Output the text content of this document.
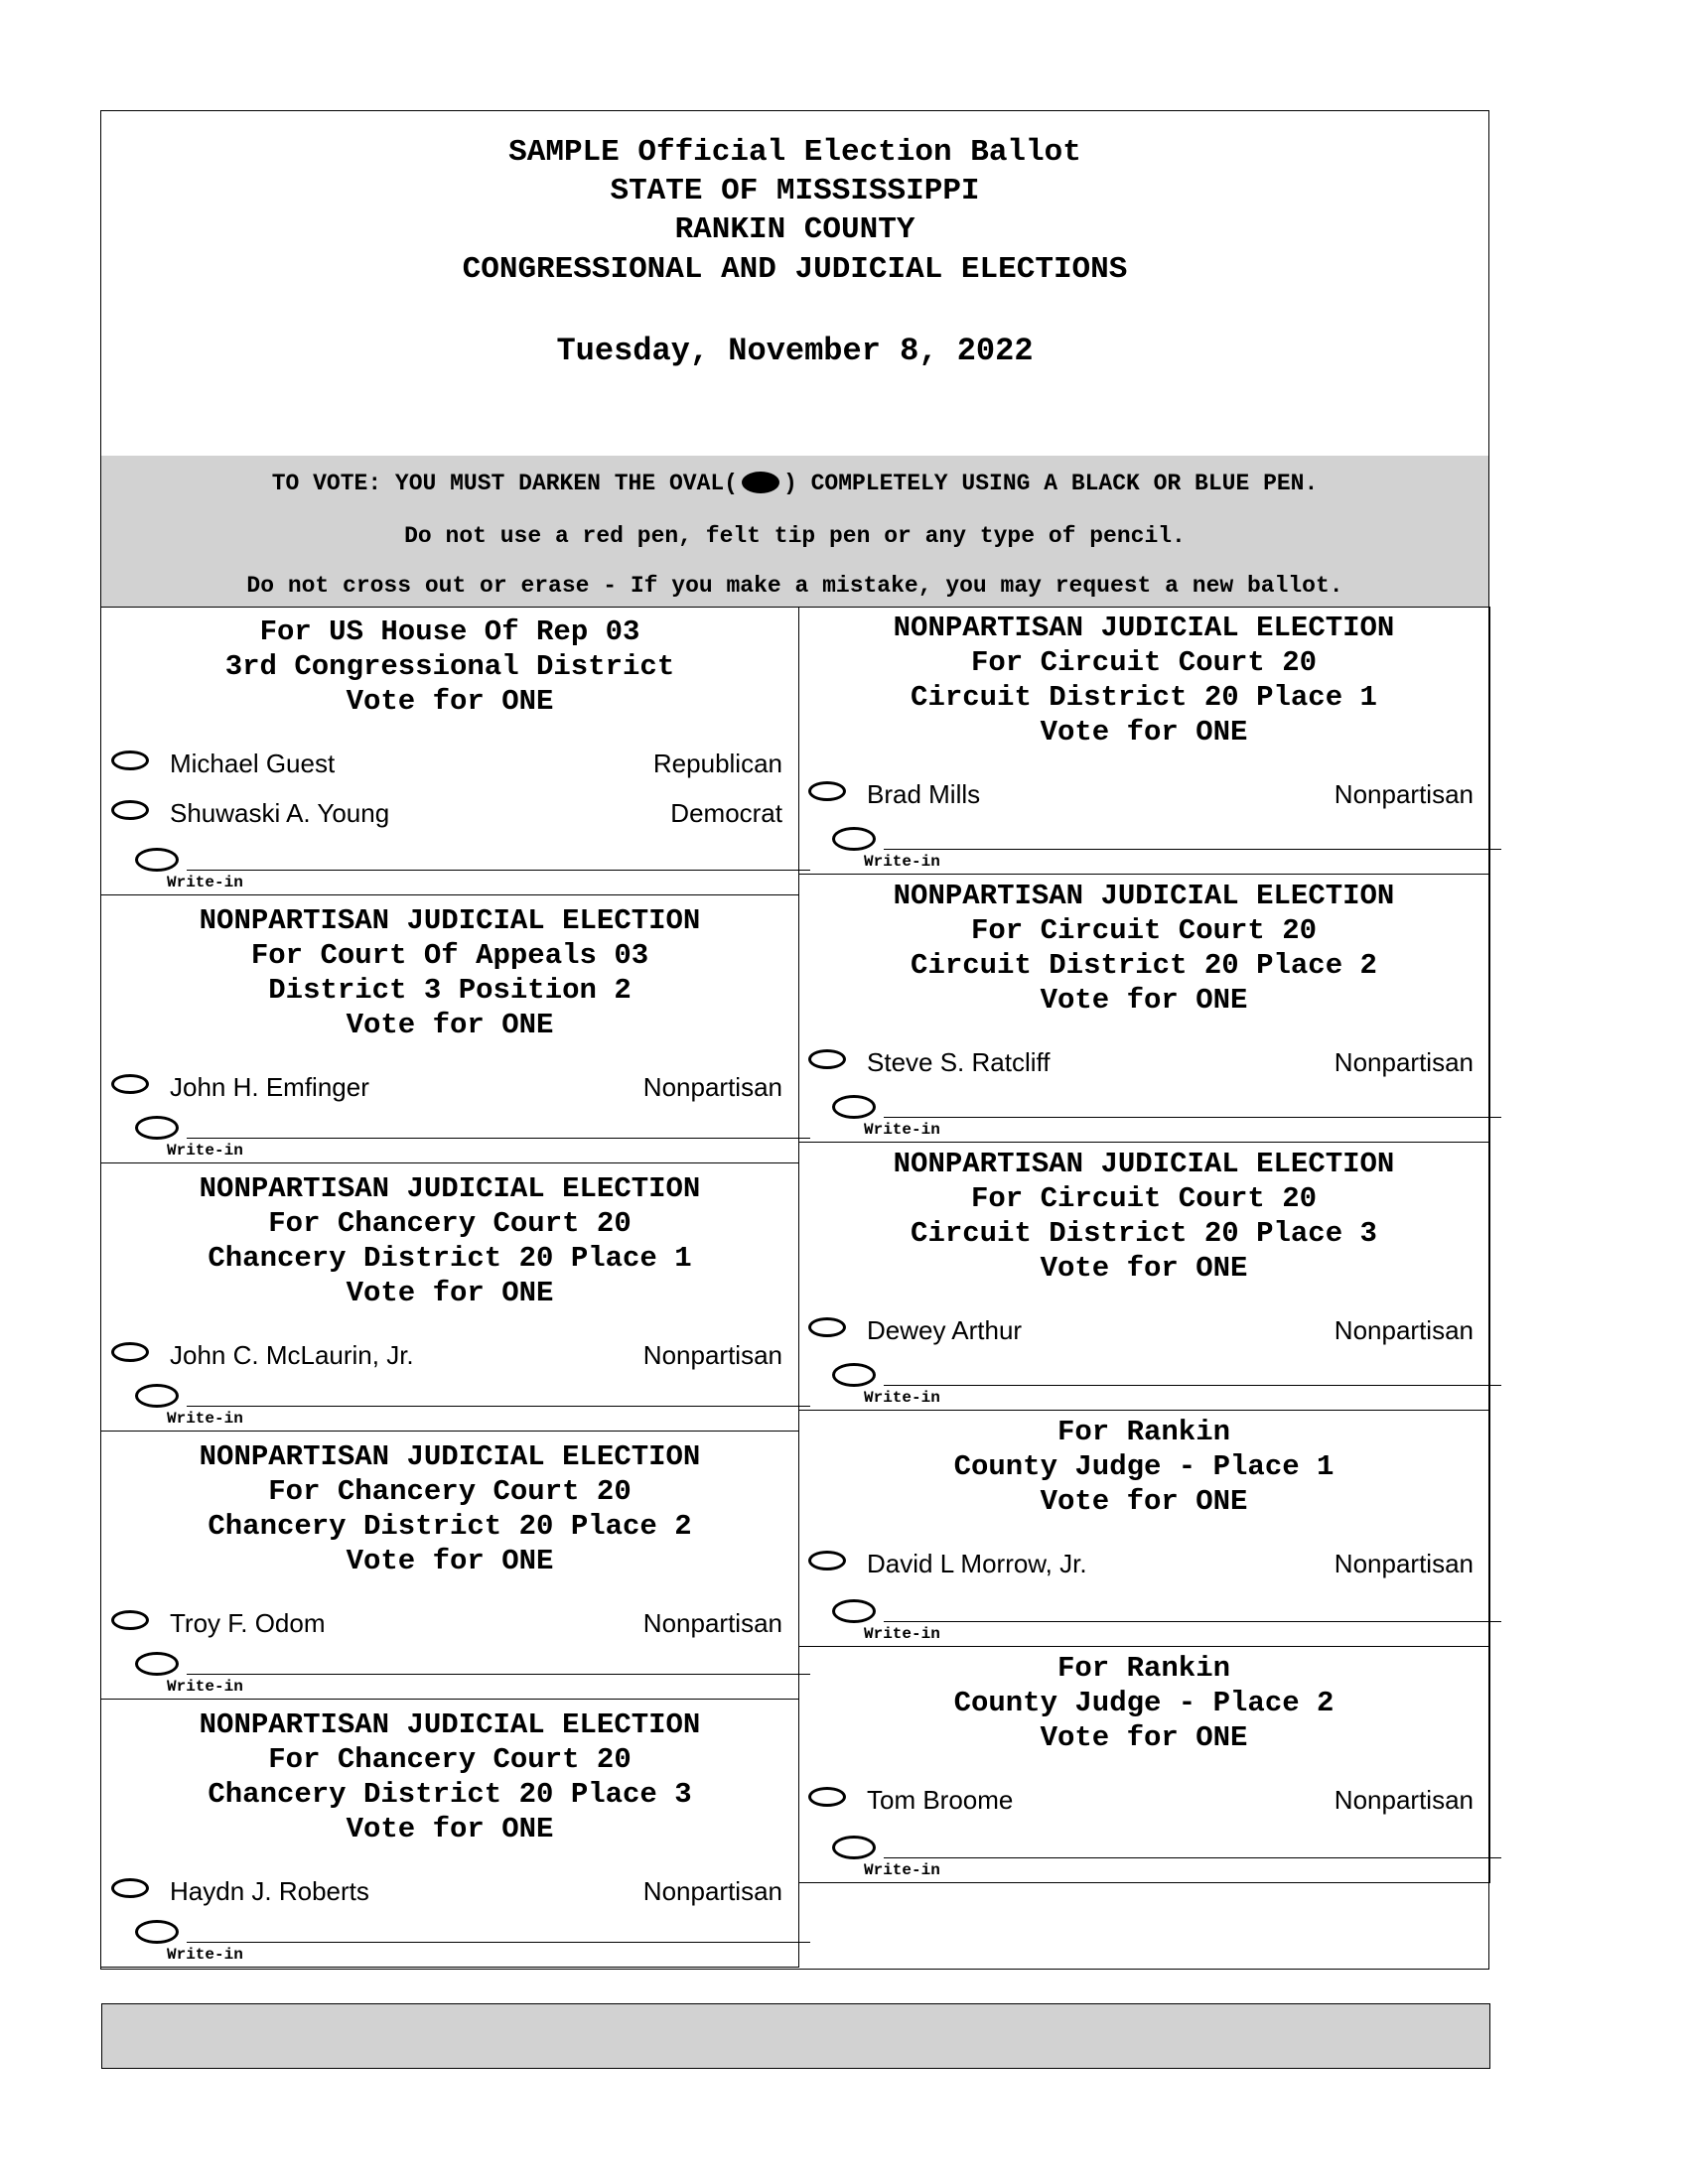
SAMPLE Official Election Ballot
STATE OF MISSISSIPPI
RANKIN COUNTY
CONGRESSIONAL AND JUDICIAL ELECTIONS
Tuesday, November 8, 2022
TO VOTE: YOU MUST DARKEN THE OVAL( ) COMPLETELY USING A BLACK OR BLUE PEN.
Do not use a red pen, felt tip pen or any type of pencil.
Do not cross out or erase - If you make a mistake, you may request a new ballot.
For US House Of Rep 03
3rd Congressional District
Vote for ONE
Michael Guest	Republican
Shuwaski A. Young	Democrat
Write-in
NONPARTISAN JUDICIAL ELECTION
For Court Of Appeals 03
District 3 Position 2
Vote for ONE
John H. Emfinger	Nonpartisan
Write-in
NONPARTISAN JUDICIAL ELECTION
For Chancery Court 20
Chancery District 20 Place 1
Vote for ONE
John C. McLaurin, Jr.	Nonpartisan
Write-in
NONPARTISAN JUDICIAL ELECTION
For Chancery Court 20
Chancery District 20 Place 2
Vote for ONE
Troy F. Odom	Nonpartisan
Write-in
NONPARTISAN JUDICIAL ELECTION
For Chancery Court 20
Chancery District 20 Place 3
Vote for ONE
Haydn J. Roberts	Nonpartisan
Write-in
NONPARTISAN JUDICIAL ELECTION
For Circuit Court 20
Circuit District 20 Place 1
Vote for ONE
Brad Mills	Nonpartisan
Write-in
NONPARTISAN JUDICIAL ELECTION
For Circuit Court 20
Circuit District 20 Place 2
Vote for ONE
Steve S. Ratcliff	Nonpartisan
Write-in
NONPARTISAN JUDICIAL ELECTION
For Circuit Court 20
Circuit District 20 Place 3
Vote for ONE
Dewey Arthur	Nonpartisan
Write-in
For Rankin
County Judge - Place 1
Vote for ONE
David L Morrow, Jr.	Nonpartisan
Write-in
For Rankin
County Judge - Place 2
Vote for ONE
Tom Broome	Nonpartisan
Write-in
